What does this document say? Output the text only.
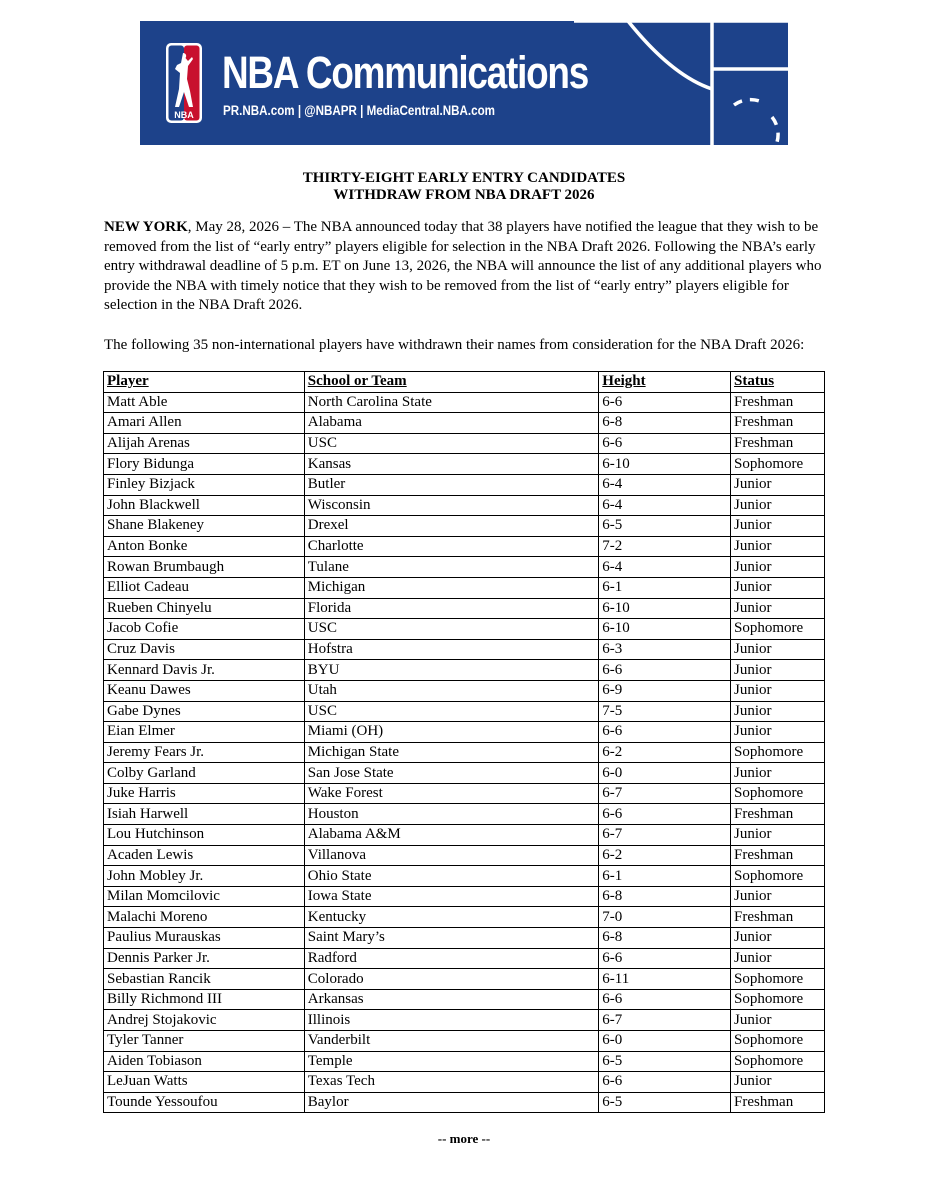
NBA
NBA Communications
PR.NBA.com | @NBAPR | MediaCentral.NBA.com
THIRTY-EIGHT EARLY ENTRY CANDIDATES
WITHDRAW FROM NBA DRAFT 2026
NEW YORK, May 28, 2026 – The NBA announced today that 38 players have notified the league that they wish to be removed from the list of “early entry” players eligible for selection in the NBA Draft 2026. Following the NBA’s early entry withdrawal deadline of 5 p.m. ET on June 13, 2026, the NBA will announce the list of any additional players who provide the NBA with timely notice that they wish to be removed from the list of “early entry” players eligible for selection in the NBA Draft 2026.
The following 35 non-international players have withdrawn their names from consideration for the NBA Draft 2026:
Player	School or Team	Height	Status
Matt Able	North Carolina State	6-6	Freshman
Amari Allen	Alabama	6-8	Freshman
Alijah Arenas	USC	6-6	Freshman
Flory Bidunga	Kansas	6-10	Sophomore
Finley Bizjack	Butler	6-4	Junior
John Blackwell	Wisconsin	6-4	Junior
Shane Blakeney	Drexel	6-5	Junior
Anton Bonke	Charlotte	7-2	Junior
Rowan Brumbaugh	Tulane	6-4	Junior
Elliot Cadeau	Michigan	6-1	Junior
Rueben Chinyelu	Florida	6-10	Junior
Jacob Cofie	USC	6-10	Sophomore
Cruz Davis	Hofstra	6-3	Junior
Kennard Davis Jr.	BYU	6-6	Junior
Keanu Dawes	Utah	6-9	Junior
Gabe Dynes	USC	7-5	Junior
Eian Elmer	Miami (OH)	6-6	Junior
Jeremy Fears Jr.	Michigan State	6-2	Sophomore
Colby Garland	San Jose State	6-0	Junior
Juke Harris	Wake Forest	6-7	Sophomore
Isiah Harwell	Houston	6-6	Freshman
Lou Hutchinson	Alabama A&M	6-7	Junior
Acaden Lewis	Villanova	6-2	Freshman
John Mobley Jr.	Ohio State	6-1	Sophomore
Milan Momcilovic	Iowa State	6-8	Junior
Malachi Moreno	Kentucky	7-0	Freshman
Paulius Murauskas	Saint Mary’s	6-8	Junior
Dennis Parker Jr.	Radford	6-6	Junior
Sebastian Rancik	Colorado	6-11	Sophomore
Billy Richmond III	Arkansas	6-6	Sophomore
Andrej Stojakovic	Illinois	6-7	Junior
Tyler Tanner	Vanderbilt	6-0	Sophomore
Aiden Tobiason	Temple	6-5	Sophomore
LeJuan Watts	Texas Tech	6-6	Junior
Tounde Yessoufou	Baylor	6-5	Freshman
-- more --
